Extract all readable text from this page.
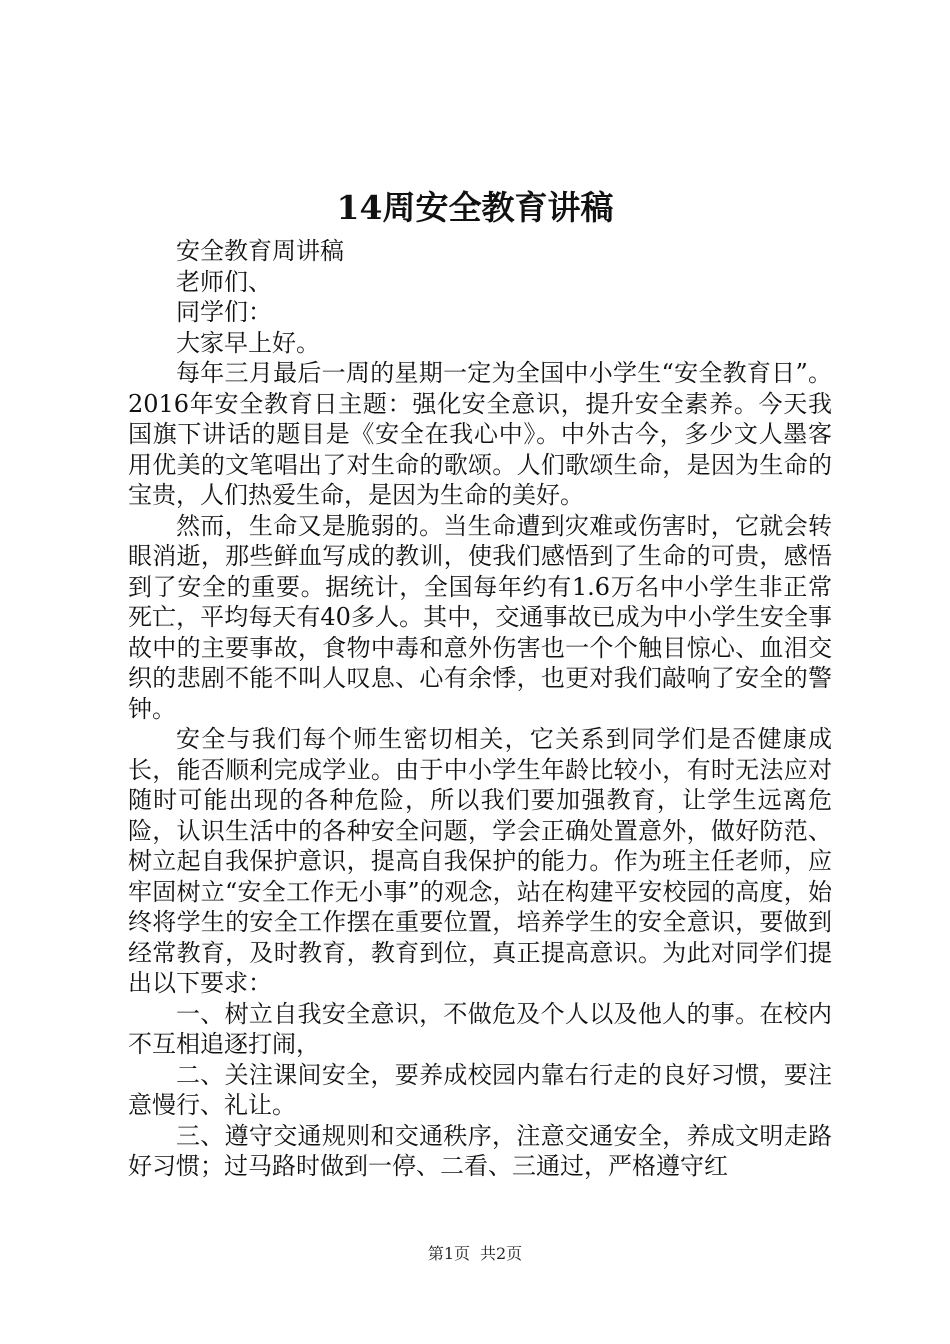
14周安全教育讲稿

安全教育周讲稿

老师们、

同学们：

大家早上好。

每年三月最后一周的星期一定为全国中小学生“安全教育日”。2016年安全教育日主题：强化安全意识，提升安全素养。今天我国旗下讲话的题目是《安全在我心中》。中外古今，多少文人墨客用优美的文笔唱出了对生命的歌颂。人们歌颂生命，是因为生命的宝贵，人们热爱生命，是因为生命的美好。

然而，生命又是脆弱的。当生命遭到灾难或伤害时，它就会转眼消逝，那些鲜血写成的教训，使我们感悟到了生命的可贵，感悟到了安全的重要。据统计，全国每年约有1.6万名中小学生非正常死亡，平均每天有40多人。其中，交通事故已成为中小学生安全事故中的主要事故，食物中毒和意外伤害也一个个触目惊心、血泪交织的悲剧不能不叫人叹息、心有余悸，也更对我们敲响了安全的警钟。

安全与我们每个师生密切相关，它关系到同学们是否健康成长，能否顺利完成学业。由于中小学生年龄比较小，有时无法应对随时可能出现的各种危险，所以我们要加强教育，让学生远离危险，认识生活中的各种安全问题，学会正确处置意外，做好防范、树立起自我保护意识，提高自我保护的能力。作为班主任老师，应牢固树立“安全工作无小事”的观念，站在构建平安校园的高度，始终将学生的安全工作摆在重要位置，培养学生的安全意识，要做到经常教育，及时教育，教育到位，真正提高意识。为此对同学们提出以下要求：

一、树立自我安全意识，不做危及个人以及他人的事。在校内不互相追逐打闹，

二、关注课间安全，要养成校园内靠右行走的良好习惯，要注意慢行、礼让。

三、遵守交通规则和交通秩序，注意交通安全，养成文明走路好习惯；过马路时做到一停、二看、三通过，严格遵守红

第1页 共2页
